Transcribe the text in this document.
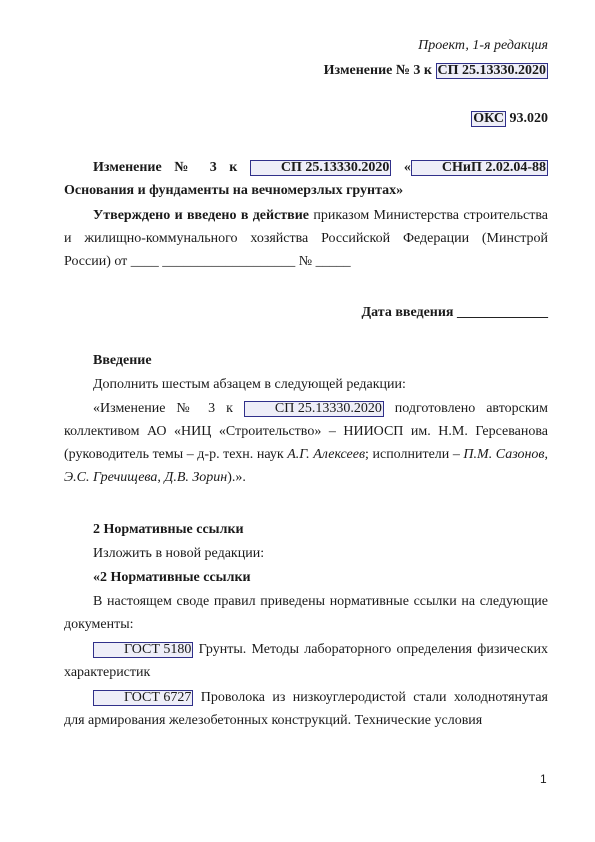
Проект, 1-я редакция

Изменение № 3 к СП 25.13330.2020

ОКС 93.020

Изменение № 3 к СП 25.13330.2020 « СНиП 2.02.04-88 Основания и фундаменты на вечномерзлых грунтах»

Утверждено и введено в действие приказом Министерства строительства и жилищно-коммунального хозяйства Российской Федерации (Минстрой России) от ____ ___________________ № _____

Дата введения _____________

Введение

Дополнить шестым абзацем в следующей редакции:

«Изменение № 3 к СП 25.13330.2020 подготовлено авторским коллективом АО «НИЦ «Строительство» – НИИОСП им. Н.М. Герсеванова (руководитель темы – д-р. техн. наук А.Г. Алексеев; исполнители – П.М. Сазонов, Э.С. Гречищева, Д.В. Зорин).».

2 Нормативные ссылки

Изложить в новой редакции:

«2 Нормативные ссылки

В настоящем своде правил приведены нормативные ссылки на следующие документы:

ГОСТ 5180 Грунты. Методы лабораторного определения физических характеристик

ГОСТ 6727 Проволока из низкоуглеродистой стали холоднотянутая для армирования железобетонных конструкций. Технические условия

1
